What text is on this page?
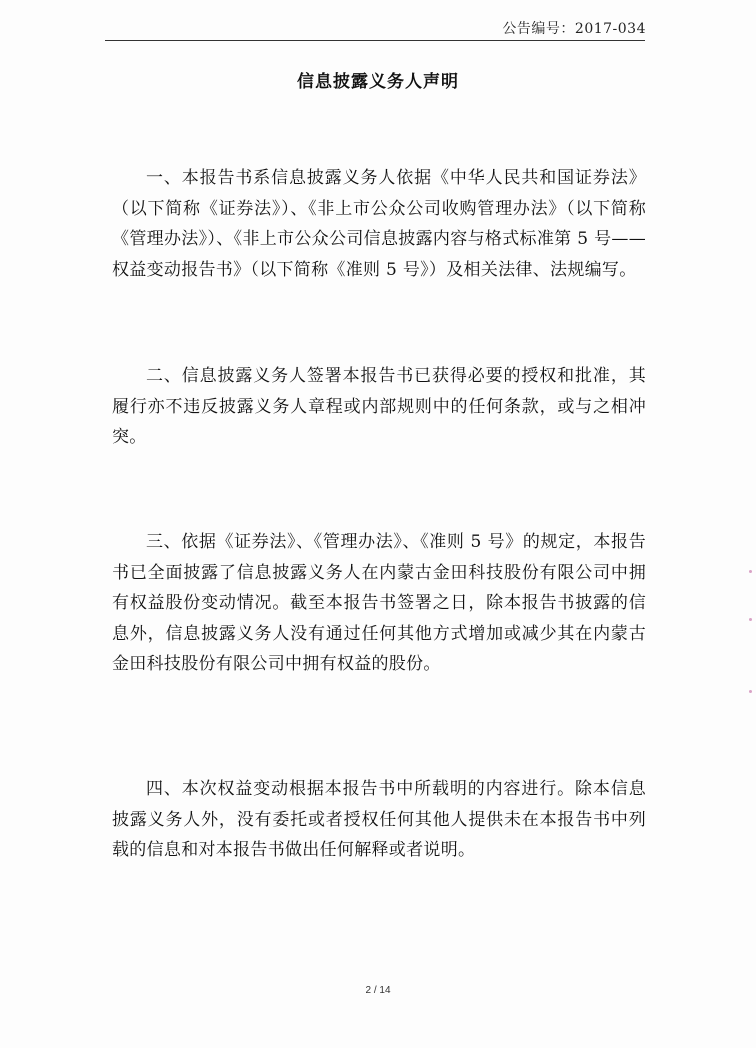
公告编号：2017-034
信息披露义务人声明

一、本报告书系信息披露义务人依据《中华人民共和国证券法》（以下简称《证券法》）、《非上市公众公司收购管理办法》（以下简称《管理办法》）、《非上市公众公司信息披露内容与格式标准第 5 号——权益变动报告书》（以下简称《准则 5 号》）及相关法律、法规编写。

二、信息披露义务人签署本报告书已获得必要的授权和批准，其履行亦不违反披露义务人章程或内部规则中的任何条款，或与之相冲突。

三、依据《证券法》、《管理办法》、《准则 5 号》的规定，本报告书已全面披露了信息披露义务人在内蒙古金田科技股份有限公司中拥有权益股份变动情况。截至本报告书签署之日，除本报告书披露的信息外，信息披露义务人没有通过任何其他方式增加或减少其在内蒙古金田科技股份有限公司中拥有权益的股份。

四、本次权益变动根据本报告书中所载明的内容进行。除本信息披露义务人外，没有委托或者授权任何其他人提供未在本报告书中列载的信息和对本报告书做出任何解释或者说明。

2 / 14
